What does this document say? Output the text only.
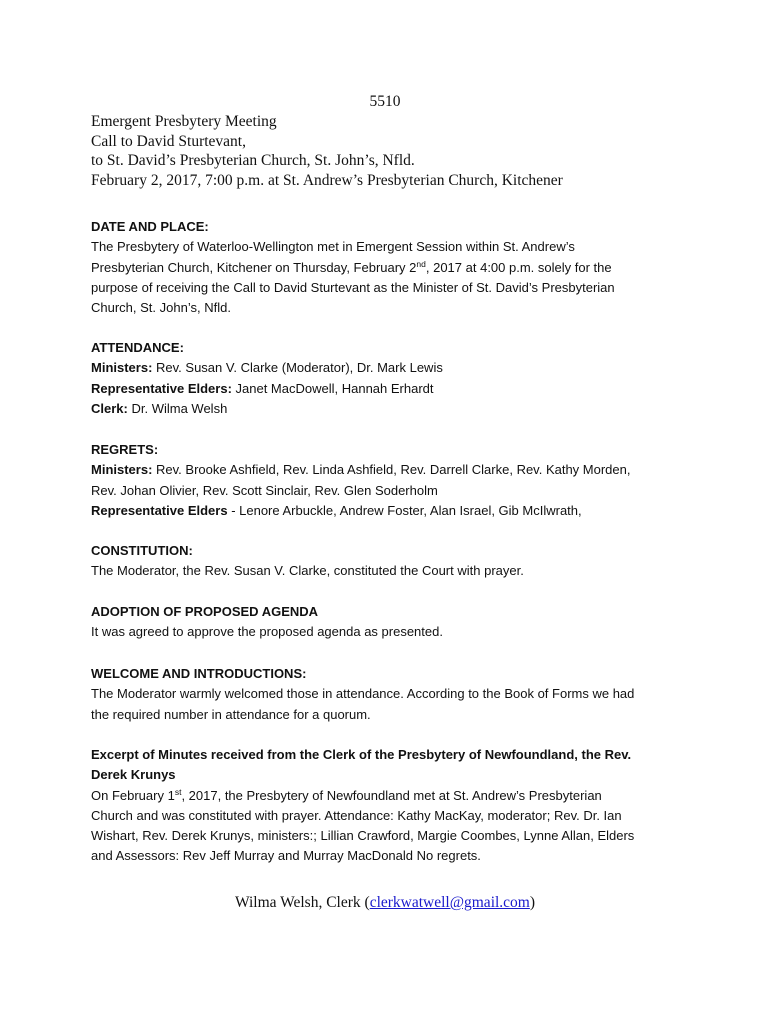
5510
Emergent Presbytery Meeting
Call to David Sturtevant,
to St. David’s Presbyterian Church, St. John’s, Nfld.
February 2, 2017, 7:00 p.m. at St. Andrew’s Presbyterian Church, Kitchener
DATE AND PLACE:
The Presbytery of Waterloo-Wellington met in Emergent Session within St. Andrew’s
Presbyterian Church, Kitchener on Thursday, February 2nd, 2017 at 4:00 p.m. solely for the
purpose of receiving the Call to David Sturtevant as the Minister of St. David’s Presbyterian
Church, St. John’s, Nfld.
ATTENDANCE:
Ministers: Rev. Susan V. Clarke (Moderator), Dr. Mark Lewis
Representative Elders: Janet MacDowell, Hannah Erhardt
Clerk: Dr. Wilma Welsh
REGRETS:
Ministers: Rev. Brooke Ashfield, Rev. Linda Ashfield, Rev. Darrell Clarke, Rev. Kathy Morden,
Rev. Johan Olivier, Rev. Scott Sinclair, Rev. Glen Soderholm
Representative Elders - Lenore Arbuckle, Andrew Foster, Alan Israel, Gib McIlwrath,
CONSTITUTION:
The Moderator, the Rev. Susan V. Clarke, constituted the Court with prayer.
ADOPTION OF PROPOSED AGENDA
It was agreed to approve the proposed agenda as presented.
WELCOME AND INTRODUCTIONS:
The Moderator warmly welcomed those in attendance. According to the Book of Forms we had
the required number in attendance for a quorum.
Excerpt of Minutes received from the Clerk of the Presbytery of Newfoundland, the Rev.
Derek Krunys
On February 1st, 2017, the Presbytery of Newfoundland met at St. Andrew’s Presbyterian
Church and was constituted with prayer. Attendance: Kathy MacKay, moderator; Rev. Dr. Ian
Wishart, Rev. Derek Krunys, ministers:; Lillian Crawford, Margie Coombes, Lynne Allan, Elders
and Assessors: Rev Jeff Murray and Murray MacDonald No regrets.
Wilma Welsh, Clerk (clerkwatwell@gmail.com)
